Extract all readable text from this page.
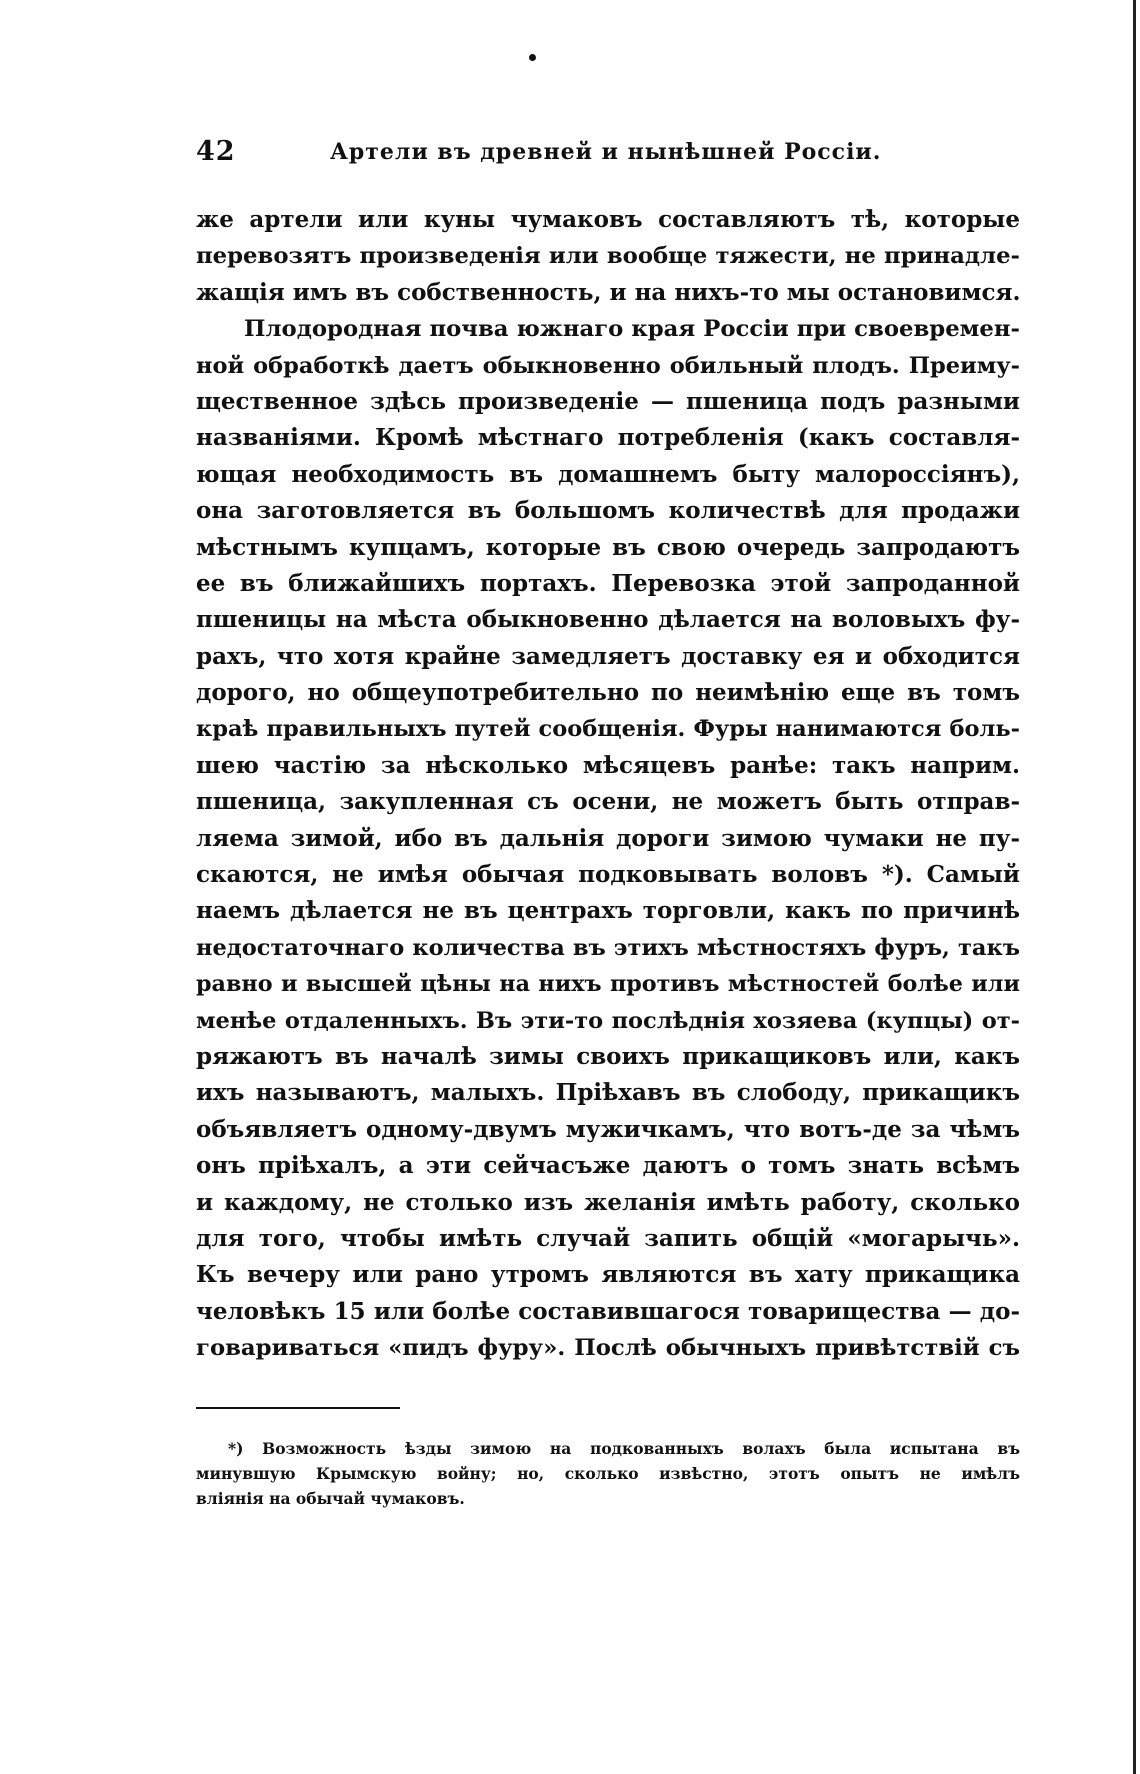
42	Артели въ древней и нынѣшней Россіи.
же артели или куны чумаковъ составляютъ тѣ, которые
перевозятъ произведенія или вообще тяжести, не принадле-
жащія имъ въ собственность, и на нихъ-то мы остановимся.
Плодородная почва южнаго края Россіи при своевремен-
ной обработкѣ даетъ обыкновенно обильный плодъ. Преиму-
щественное здѣсь произведеніе — пшеница подъ разными
названіями. Кромѣ мѣстнаго потребленія (какъ составля-
ющая необходимость въ домашнемъ быту малороссіянъ),
она заготовляется въ большомъ количествѣ для продажи
мѣстнымъ купцамъ, которые въ свою очередь запродаютъ
ее въ ближайшихъ портахъ. Перевозка этой запроданной
пшеницы на мѣста обыкновенно дѣлается на воловыхъ фу-
рахъ, что хотя крайне замедляетъ доставку ея и обходится
дорого, но общеупотребительно по неимѣнію еще въ томъ
краѣ правильныхъ путей сообщенія. Фуры нанимаются боль-
шею частію за нѣсколько мѣсяцевъ ранѣе: такъ наприм.
пшеница, закупленная съ осени, не можетъ быть отправ-
ляема зимой, ибо въ дальнія дороги зимою чумаки не пу-
скаются, не имѣя обычая подковывать воловъ *). Самый
наемъ дѣлается не въ центрахъ торговли, какъ по причинѣ
недостаточнаго количества въ этихъ мѣстностяхъ фуръ, такъ
равно и высшей цѣны на нихъ противъ мѣстностей болѣе или
менѣе отдаленныхъ. Въ эти-то послѣднія хозяева (купцы) от-
ряжаютъ въ началѣ зимы своихъ прикащиковъ или, какъ
ихъ называютъ, малыхъ. Пріѣхавъ въ слободу, прикащикъ
объявляетъ одному-двумъ мужичкамъ, что вотъ-де за чѣмъ
онъ пріѣхалъ, а эти сейчасъже даютъ о томъ знать всѣмъ
и каждому, не столько изъ желанія имѣть работу, сколько
для того, чтобы имѣть случай запить общій «могарычь».
Къ вечеру или рано утромъ являются въ хату прикащика
человѣкъ 15 или болѣе составившагося товарищества — до-
говариваться «пидъ фуру». Послѣ обычныхъ привѣтствій съ
*) Возможность ѣзды зимою на подкованныхъ волахъ была испытана въ
минувшую Крымскую войну; но, сколько извѣстно, этотъ опытъ не имѣлъ
вліянія на обычай чумаковъ.
